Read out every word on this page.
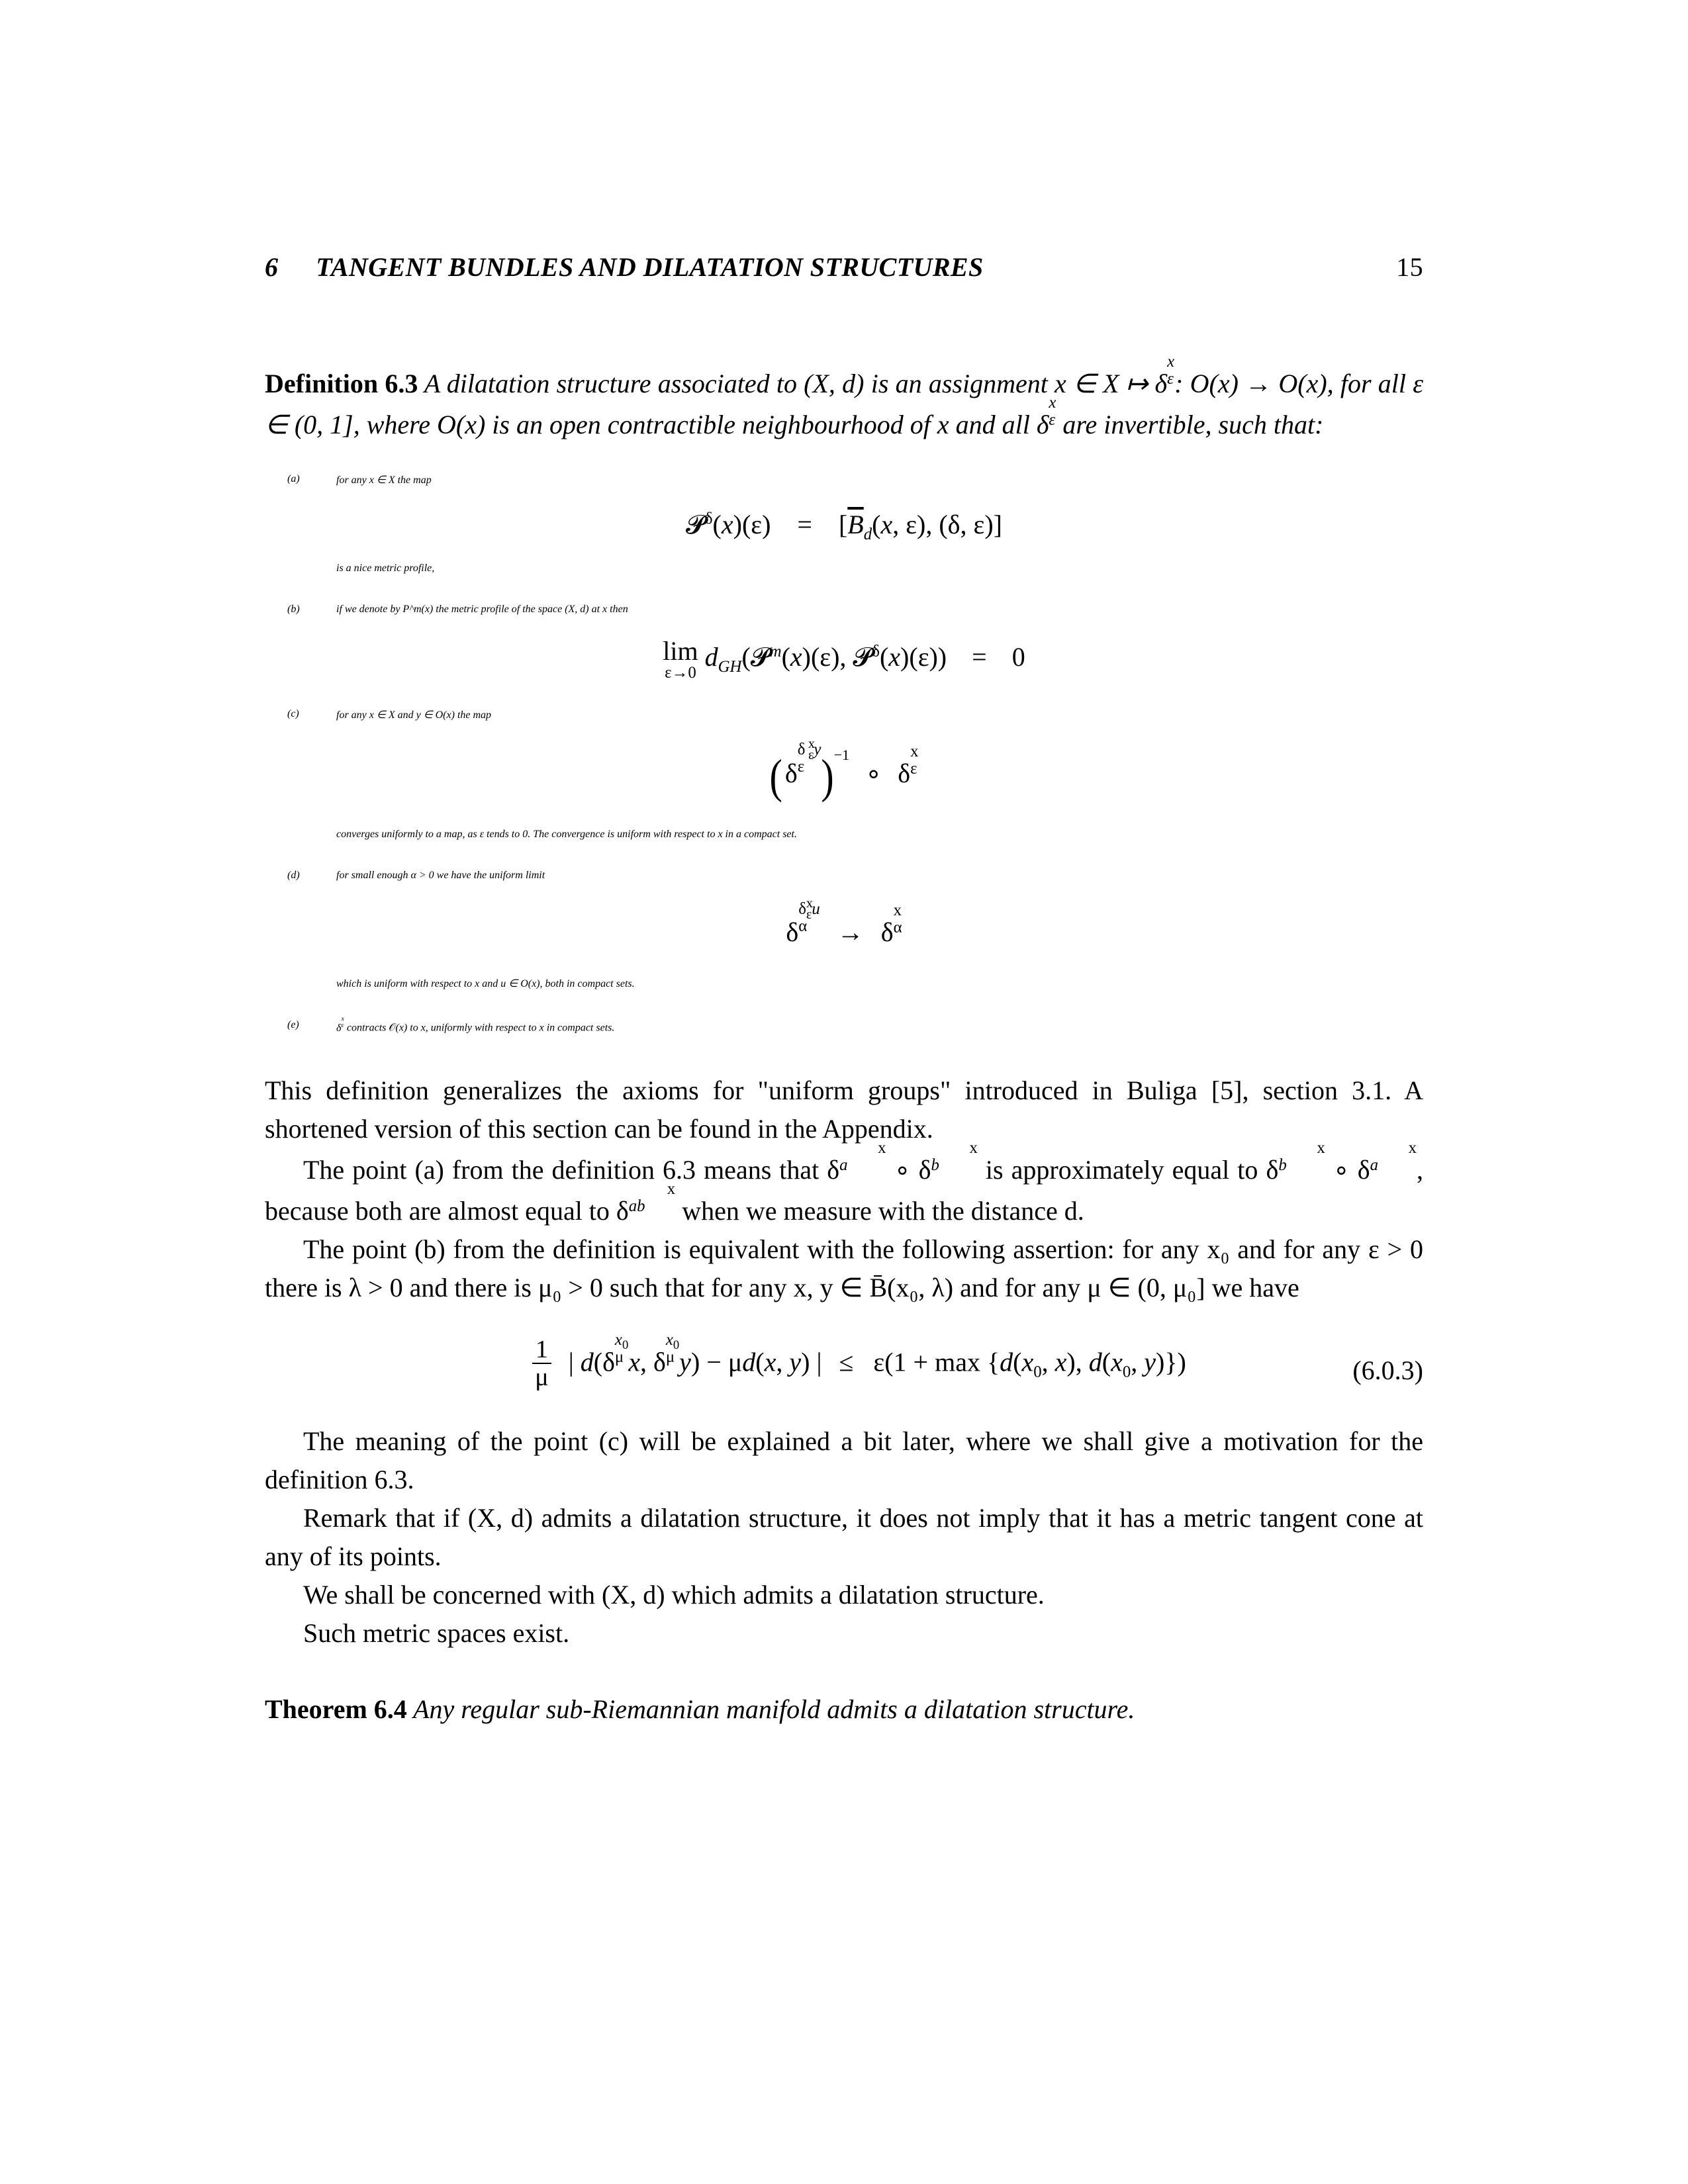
6 TANGENT BUNDLES AND DILATATION STRUCTURES	15
Definition 6.3 A dilatation structure associated to (X, d) is an assignment x ∈ X ↦ δx
ε: O(x) → O(x), for all ε ∈ (0, 1], where O(x) is an open contractible neighbourhood of x and all δx
ε are invertible, such that:
(a)	for any x ∈ X the map
𝓟$^\delta$(x)(ε) = [$\overline{B}_d(x$, ε), (δ, ε)]
is a nice metric profile,
(b)	if we denote by P^m(x) the metric profile of the space (X, d) at x then
lim
ε→0
$d_{GH}(𝓟^m(x)(\varepsilon)$, 𝓟$^\delta$(x)(ε)) = 0
(c)	for any x ∈ X and y ∈ O(x) the map
( δδ xεy
ε )$^{-1}$ ∘ δx
ε
converges uniformly to a map, as ε tends to 0. The convergence is uniform with respect to x in a compact set.
(d)	for small enough α > 0 we have the uniform limit
δδxεu
α → δx
α
which is uniform with respect to x and u ∈ O(x), both in compact sets.
(e)	δx
ε contracts 𝒪(x) to x, uniformly with respect to x in compact sets.
This definition generalizes the axioms for "uniform groups" introduced in Buliga [5], section 3.1. A shortened version of this section can be found in the Appendix.
The point (a) from the definition 6.3 means that δx
a ∘ δx
b is approximately equal to δx
b ∘ δx
a , because both are almost equal to δx
ab when we measure with the distance d.
The point (b) from the definition is equivalent with the following assertion: for any x₀ and for any ε > 0 there is λ > 0 and there is μ₀ > 0 such that for any x, y ∈ B̄(x₀, λ) and for any μ ∈ (0, μ₀] we have
$\frac{1}{\mu}$ | $d(\delta x_0$
μ x, $\delta x_0$
μ y) − μd(x, y) | ≤ $\varepsilon(1 + \max \{d(x_0$, x), $d(x_0$, y)})	(6.0.3)
The meaning of the point (c) will be explained a bit later, where we shall give a motivation for the definition 6.3.
Remark that if (X, d) admits a dilatation structure, it does not imply that it has a metric tangent cone at any of its points.
We shall be concerned with (X, d) which admits a dilatation structure.
Such metric spaces exist.
Theorem 6.4 Any regular sub-Riemannian manifold admits a dilatation structure.
